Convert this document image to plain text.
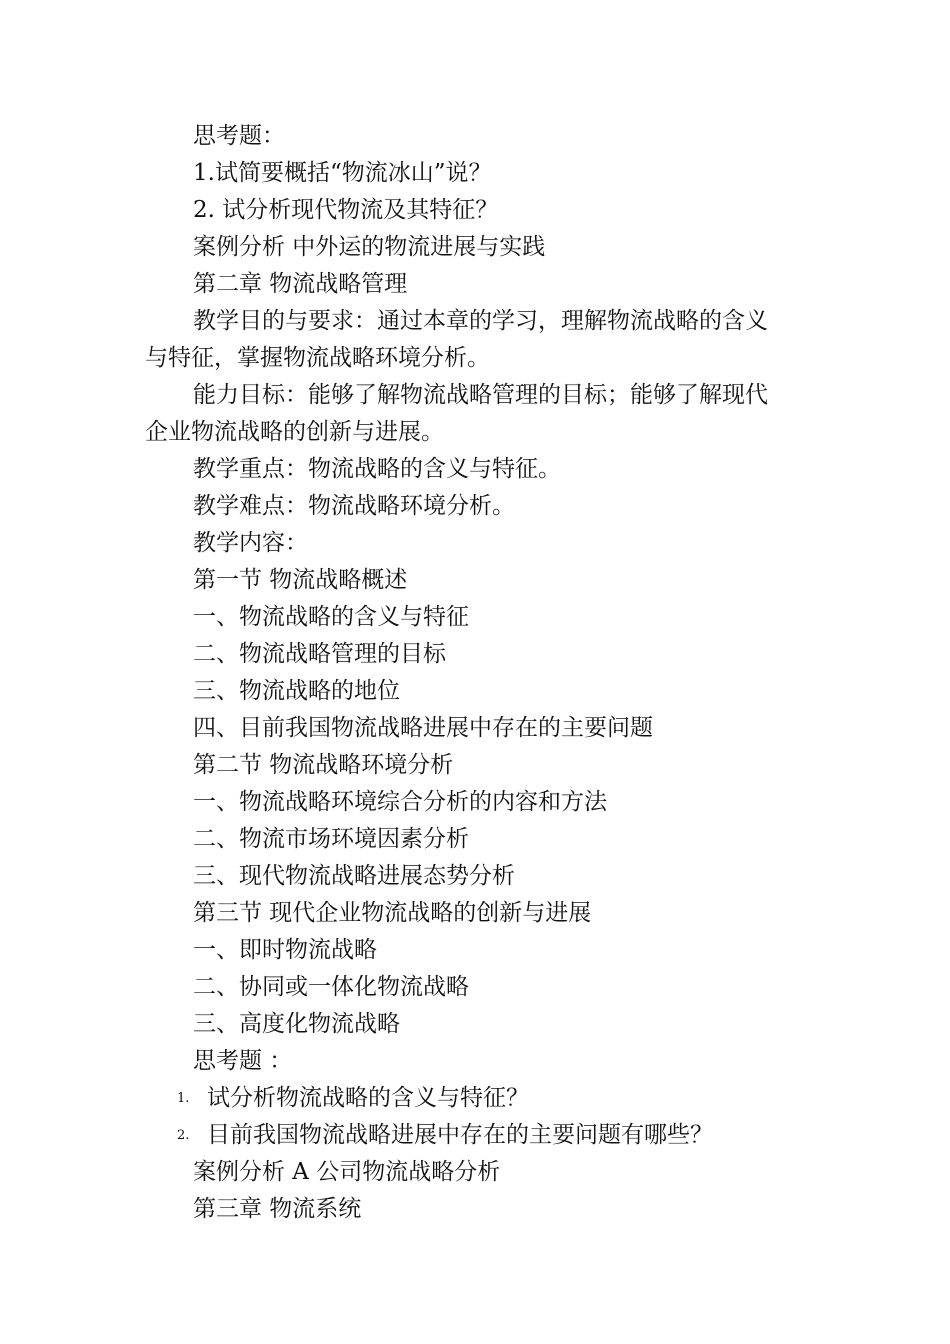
思考题：
1.试简要概括“物流冰山”说？
2. 试分析现代物流及其特征？
案例分析 中外运的物流进展与实践
第二章 物流战略管理
教学目的与要求：通过本章的学习，理解物流战略的含义
与特征，掌握物流战略环境分析。
能力目标：能够了解物流战略管理的目标；能够了解现代
企业物流战略的创新与进展。
教学重点：物流战略的含义与特征。
教学难点：物流战略环境分析。
教学内容：
第一节 物流战略概述
一、物流战略的含义与特征
二、物流战略管理的目标
三、物流战略的地位
四、目前我国物流战略进展中存在的主要问题
第二节 物流战略环境分析
一、物流战略环境综合分析的内容和方法
二、物流市场环境因素分析
三、现代物流战略进展态势分析
第三节 现代企业物流战略的创新与进展
一、即时物流战略
二、协同或一体化物流战略
三、高度化物流战略
思考题 ：
1. 试分析物流战略的含义与特征？
2. 目前我国物流战略进展中存在的主要问题有哪些？
案例分析 A 公司物流战略分析
第三章 物流系统
